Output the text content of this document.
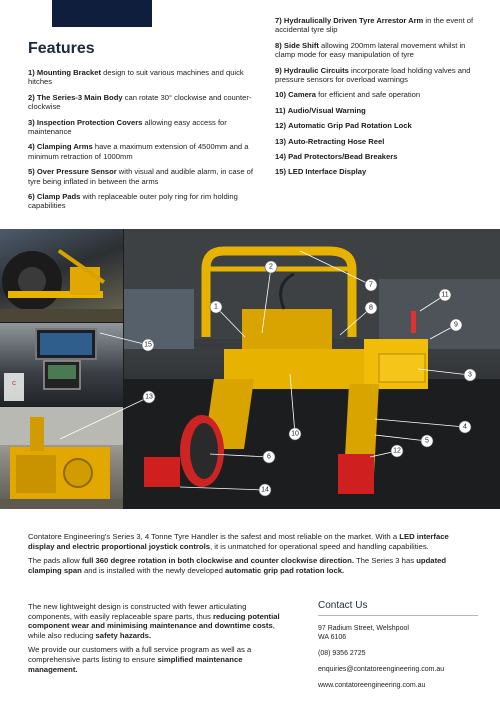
Features
1) Mounting Bracket design to suit various machines and quick hitches
2) The Series-3 Main Body can rotate 30° clockwise and counter-clockwise
3) Inspection Protection Covers allowing easy access for maintenance
4) Clamping Arms have a maximum extension of 4500mm and a minimum retraction of 1000mm
5) Over Pressure Sensor with visual and audible alarm, in case of tyre being inflated in between the arms
6) Clamp Pads with replaceable outer poly ring for rim holding capabilities
7) Hydraulically Driven Tyre Arrestor Arm in the event of accidental tyre slip
8) Side Shift allowing 200mm lateral movement whilst in clamp mode for easy manipulation of tyre
9) Hydraulic Circuits incorporate load holding valves and pressure sensors for overload warnings
10) Camera for efficient and safe operation
11) Audio/Visual Warning
12) Automatic Grip Pad Rotation Lock
13) Auto-Retracting Hose Reel
14) Pad Protectors/Bead Breakers
15) LED Interface Display
C
1
2
3
4
5
6
7
8
9
10
11
12
13
14
15

Contatore Engineering's Series 3, 4 Tonne Tyre Handler is the safest and most reliable on the market. With a LED interface display and electric proportional joystick controls, it is unmatched for operational speed and handling capabilities.

The pads allow full 360 degree rotation in both clockwise and counter clockwise direction. The Series 3 has updated clamping span and is installed with the newly developed automatic grip pad rotation lock.

The new lightweight design is constructed with fewer articulating components, with easily replaceable spare parts, thus reducing potential component wear and minimising maintenance and downtime costs, while also reducing safety hazards.

We provide our customers with a full service program as well as a comprehensive parts listing to ensure simplified maintenance management.

Contact Us
97 Radium Street, Welshpool
WA 6106
(08) 9356 2725
enquiries@contatoreengineering.com.au
www.contatoreengineering.com.au
